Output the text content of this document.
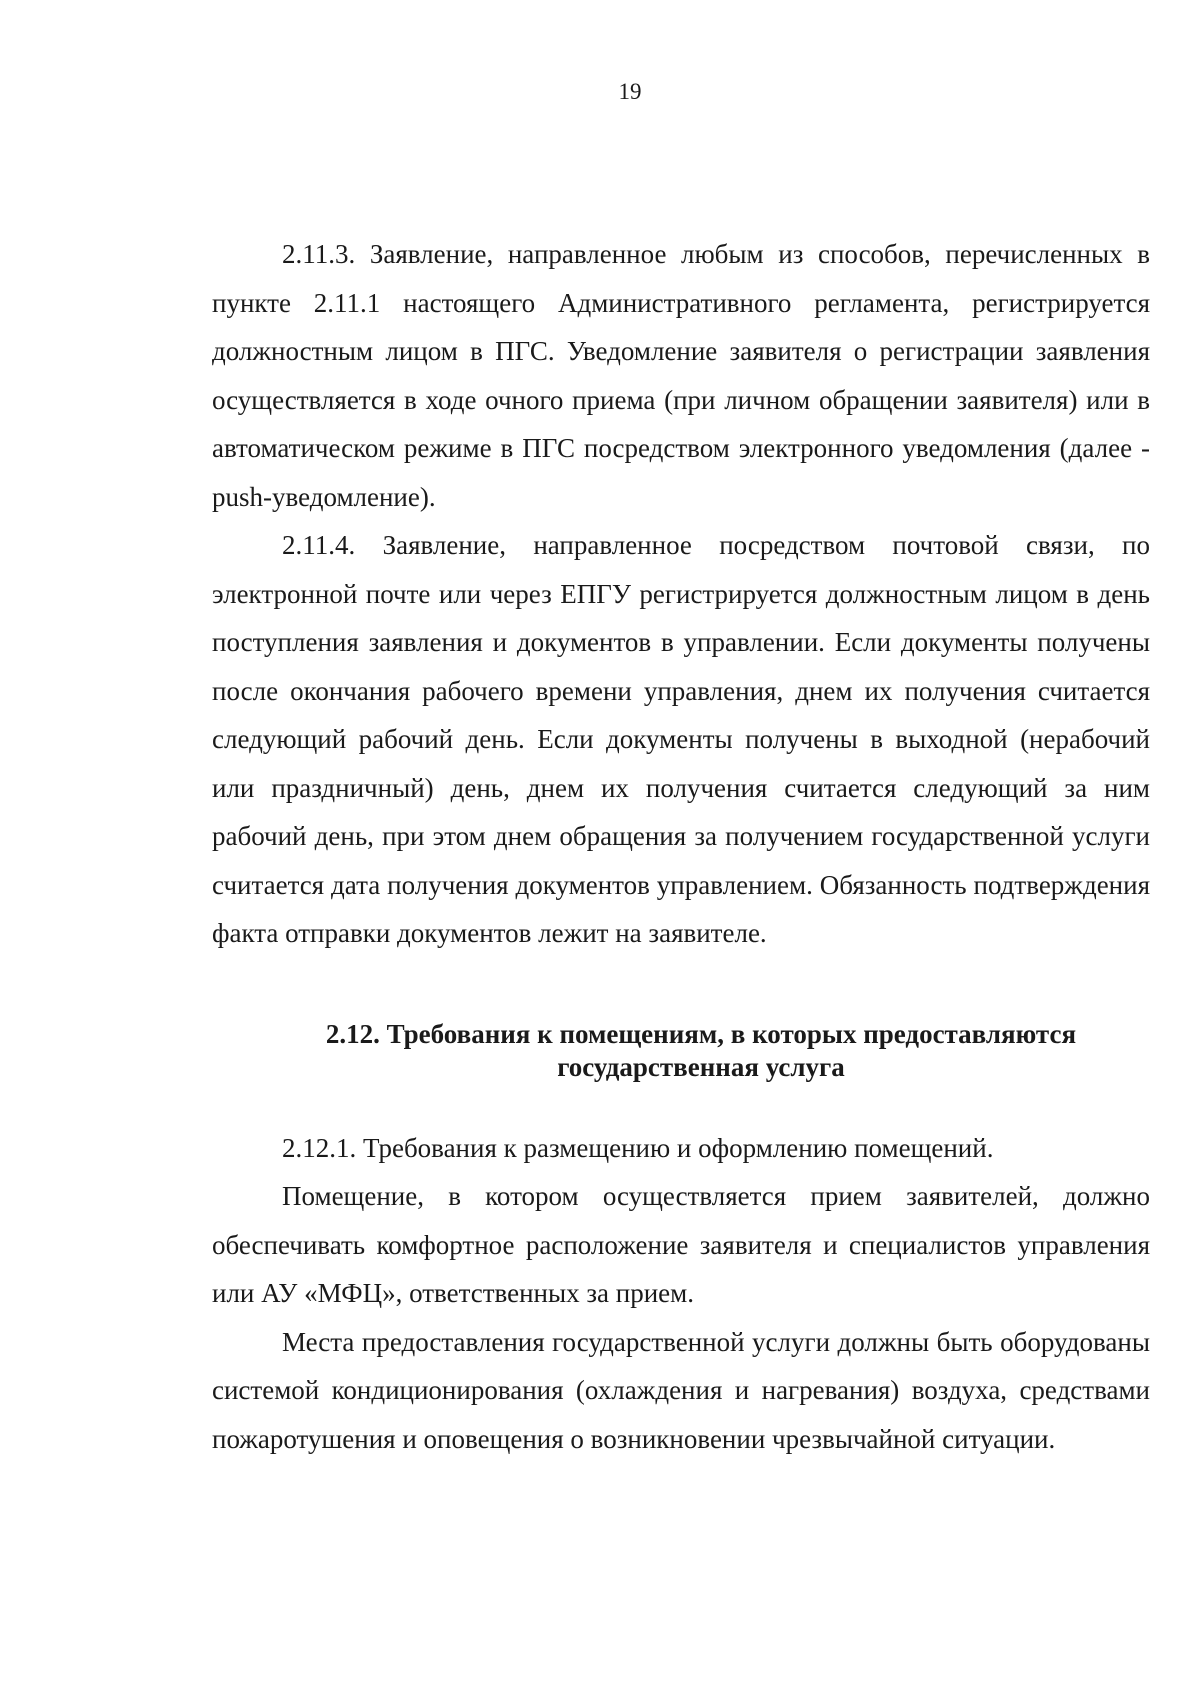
19

2.11.3. Заявление, направленное любым из способов, перечисленных в пункте 2.11.1 настоящего Административного регламента, регистрируется должностным лицом в ПГС. Уведомление заявителя о регистрации заявления осуществляется в ходе очного приема (при личном обращении заявителя) или в автоматическом режиме в ПГС посредством электронного уведомления (далее - push-уведомление).

2.11.4. Заявление, направленное посредством почтовой связи, по электронной почте или через ЕПГУ регистрируется должностным лицом в день поступления заявления и документов в управлении. Если документы получены после окончания рабочего времени управления, днем их получения считается следующий рабочий день. Если документы получены в выходной (нерабочий или праздничный) день, днем их получения считается следующий за ним рабочий день, при этом днем обращения за получением государственной услуги считается дата получения документов управлением. Обязанность подтверждения факта отправки документов лежит на заявителе.

2.12. Требования к помещениям, в которых предоставляются
государственная услуга

2.12.1. Требования к размещению и оформлению помещений.

Помещение, в котором осуществляется прием заявителей, должно обеспечивать комфортное расположение заявителя и специалистов управления или АУ «МФЦ», ответственных за прием.

Места предоставления государственной услуги должны быть оборудованы системой кондиционирования (охлаждения и нагревания) воздуха, средствами пожаротушения и оповещения о возникновении чрезвычайной ситуации.
